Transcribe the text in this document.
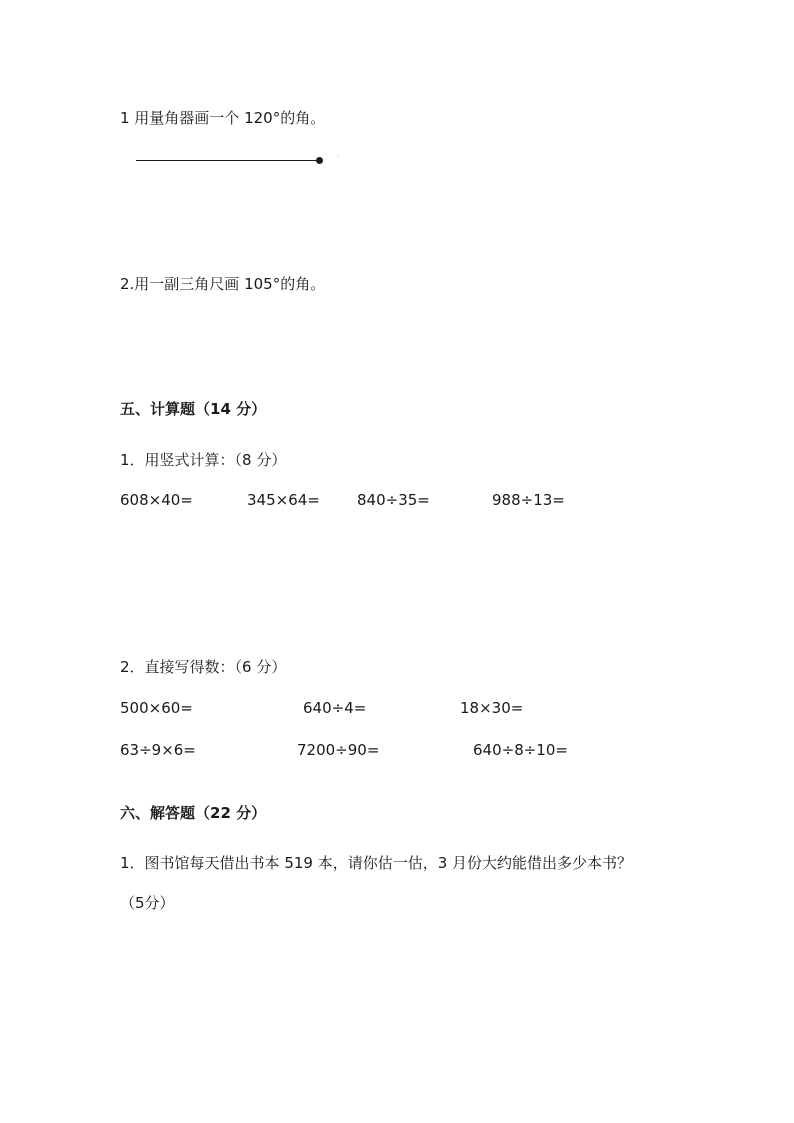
1 用量角器画一个 120°的角。
｀
2.用一副三角尺画 105°的角。
五、计算题（14 分）
1．用竖式计算：（8 分）
608×40=	345×64= 840÷35=	988÷13=
2．直接写得数：（6 分）
500×60=	640÷4=	18×30=
63÷9×6=	7200÷90=	640÷8÷10=
六、解答题（22 分）
1．图书馆每天借出书本 519 本，请你估一估，3 月份大约能借出多少本书？
（5分）
